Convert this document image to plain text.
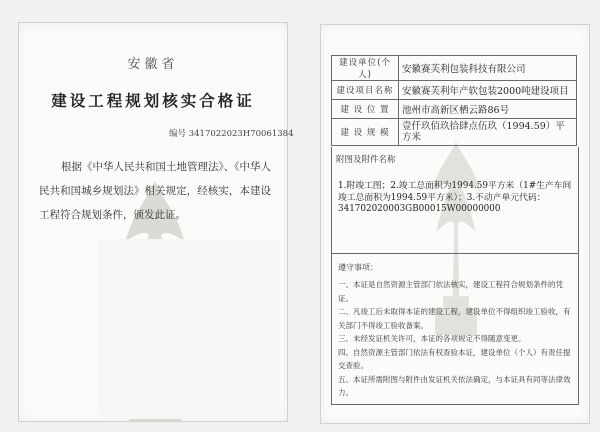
安徽省
建设工程规划核实合格证
编号 3417022023H70061384
根据《中华人民共和国土地管理法》、《中华人民共和国城乡规划法》相关规定，经核实，本建设工程符合规划条件，颁发此证。
建设单位(个人)	安徽赛芙利包装科技有限公司
建设项目名称	安徽赛芙利年产软包装2000吨建设项目
建 设 位 置	池州市高新区栖云路86号
建 设 规 模	壹仟玖佰玖拾肆点伍玖（1994.59）平方米
附图及附件名称
1.附竣工图；2.竣工总面积为1994.59平方米（1#生产车间竣工总面积为1994.59平方米）；3.不动产单元代码：341702020003GB00015W00000000
遵守事项：
一、本证是自然资源主管部门依法核实，建设工程符合规划条件的凭证。
二、凡竣工后未取得本证的建设工程，建设单位不得组织竣工验收，有关部门不得竣工验收备案。
三、未经发证机关许可，本证的各项规定不得随意变更。
四、自然资源主管部门依法有权查验本证，建设单位（个人）有责任提交查验。
五、本证所需附图与附件由发证机关依法确定，与本证具有同等法律效力。
